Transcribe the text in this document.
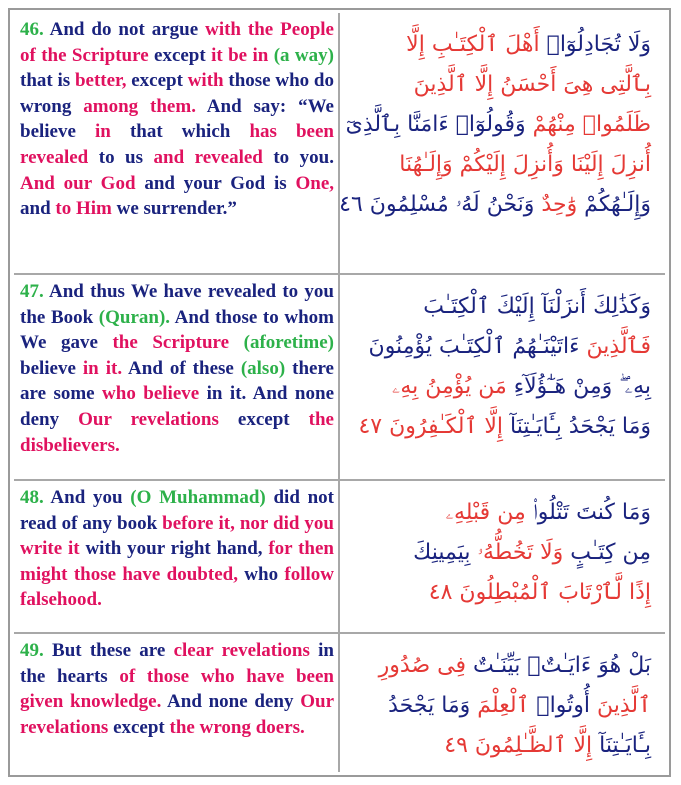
46. And do not argue with the People of the Scripture except it be in (a way) that is better, except with those who do wrong among them. And say: “We believe in that which has been revealed to us and revealed to you. And our God and your God is One, and to Him we surrender.”
وَلَا تُجَادِلُوٓا۟ أَهْلَ ٱلْكِتَـٰبِ إِلَّا
بِٱلَّتِى هِىَ أَحْسَنُ إِلَّا ٱلَّذِينَ
ظَلَمُوا۟ مِنْهُمْ وَقُولُوٓا۟ ءَامَنَّا بِٱلَّذِىٓ
أُنزِلَ إِلَيْنَا وَأُنزِلَ إِلَيْكُمْ وَإِلَـٰهُنَا
وَإِلَـٰهُكُمْ وَٰحِدٌ وَنَحْنُ لَهُۥ مُسْلِمُونَ ٤٦
47. And thus We have revealed to you the Book (Quran). And those to whom We gave the Scripture (aforetime) believe in it. And of these (also) there are some who believe in it. And none deny Our revelations except the disbelievers.
وَكَذَٰلِكَ أَنزَلْنَآ إِلَيْكَ ٱلْكِتَـٰبَ
فَٱلَّذِينَ ءَاتَيْنَـٰهُمُ ٱلْكِتَـٰبَ يُؤْمِنُونَ
بِهِۦ ۖ وَمِنْ هَـٰٓؤُلَآءِ مَن يُؤْمِنُ بِهِۦ
وَمَا يَجْحَدُ بِـَٔايَـٰتِنَآ إِلَّا ٱلْكَـٰفِرُونَ ٤٧
48. And you (O Muhammad) did not read of any book before it, nor did you write it with your right hand, for then might those have doubted, who follow falsehood.
وَمَا كُنتَ تَتْلُوا۟ مِن قَبْلِهِۦ
مِن كِتَـٰبٍ وَلَا تَخُطُّهُۥ بِيَمِينِكَ
إِذًا لَّٱرْتَابَ ٱلْمُبْطِلُونَ ٤٨
49. But these are clear revelations in the hearts of those who have been given knowledge. And none deny Our revelations except the wrong doers.
بَلْ هُوَ ءَايَـٰتٌۢ بَيِّنَـٰتٌ فِى صُدُورِ
ٱلَّذِينَ أُوتُوا۟ ٱلْعِلْمَ وَمَا يَجْحَدُ
بِـَٔايَـٰتِنَآ إِلَّا ٱلظَّـٰلِمُونَ ٤٩
